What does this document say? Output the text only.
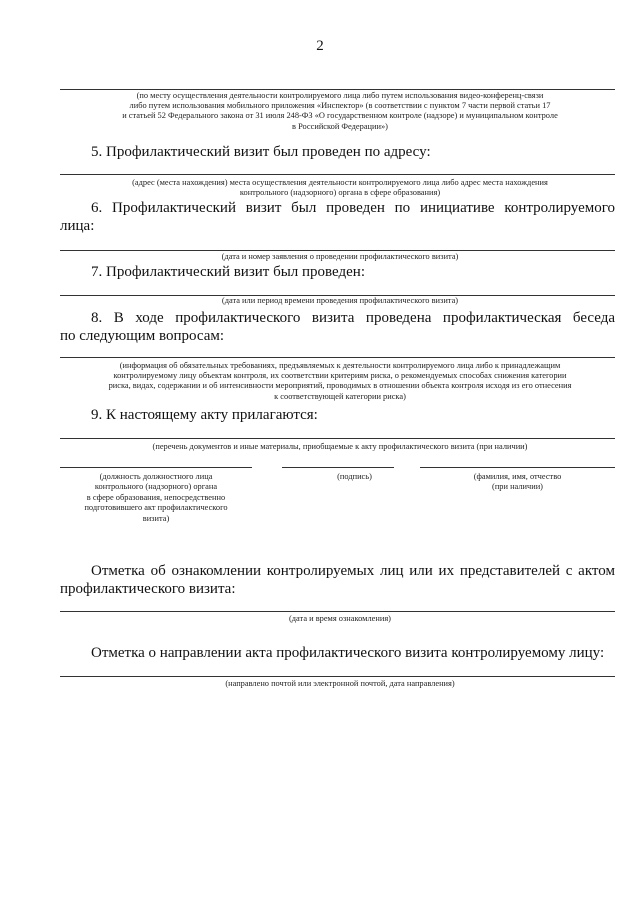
2
(по месту осуществления деятельности контролируемого лица либо путем использования видео-конференц-связи
либо путем использования мобильного приложения «Инспектор» (в соответствии с пунктом 7 части первой статьи 17
и статьей 52 Федерального закона от 31 июля 248-ФЗ «О государственном контроле (надзоре) и муниципальном контроле
в Российской Федерации»)
5. Профилактический визит был проведен по адресу:
(адрес (места нахождения) места осуществления деятельности контролируемого лица либо адрес места нахождения
контрольного (надзорного) органа в сфере образования)
6. Профилактический визит был проведен по инициативе контролируемого
лица:
(дата и номер заявления о проведении профилактического визита)
7. Профилактический визит был проведен:
(дата или период времени проведения профилактического визита)
8. В ходе профилактического визита проведена профилактическая беседа
по следующим вопросам:
(информация об обязательных требованиях, предъявляемых к деятельности контролируемого лица либо к принадлежащим
контролируемому лицу объектам контроля, их соответствии критериям риска, о рекомендуемых способах снижения категории
риска, видах, содержании и об интенсивности мероприятий, проводимых в отношении объекта контроля исходя из его отнесения
к соответствующей категории риска)
9. К настоящему акту прилагаются:
(перечень документов и иные материалы, приобщаемые к акту профилактического визита (при наличии)
(должность должностного лица
контрольного (надзорного) органа
в сфере образования, непосредственно
подготовившего акт профилактического
визита)
(подпись)	(фамилия, имя, отчество
(при наличии)
Отметка об ознакомлении контролируемых лиц или их представителей с актом
профилактического визита:
(дата и время ознакомления)
Отметка о направлении акта профилактического визита контролируемому лицу:
(направлено почтой или электронной почтой, дата направления)
